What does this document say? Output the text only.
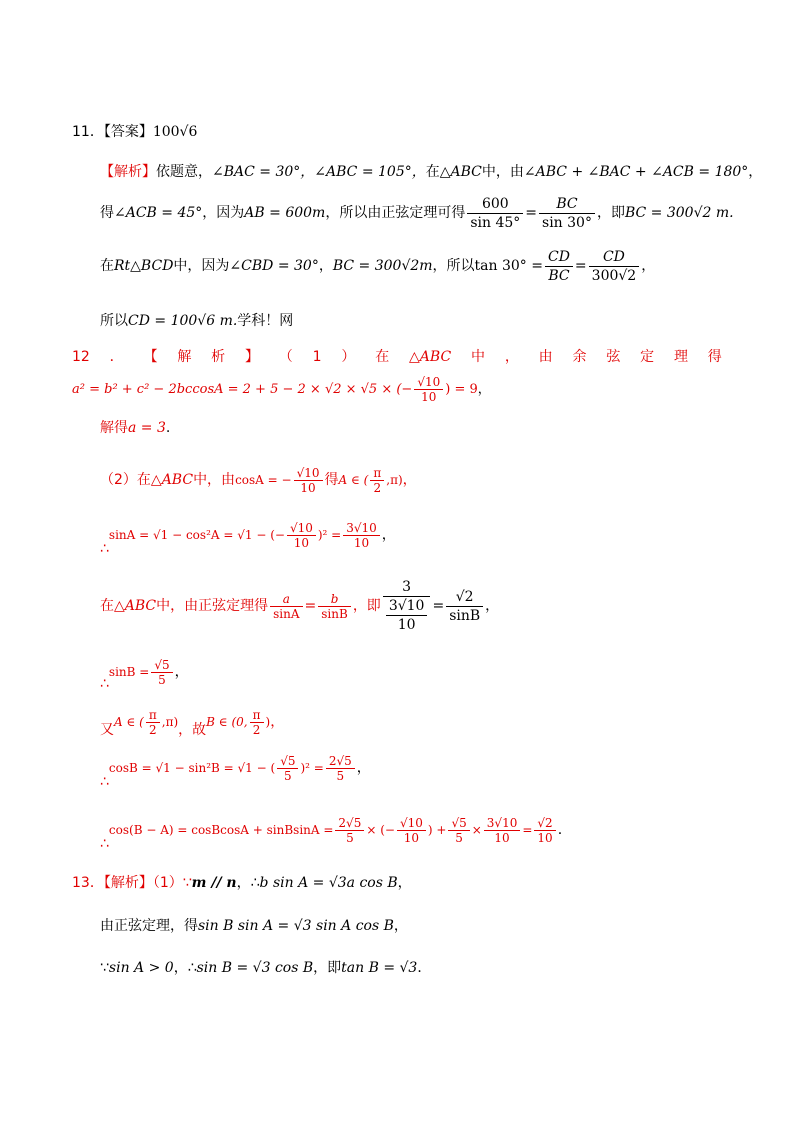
11．【答案】100√6
【解析】依题意，∠BAC = 30°，∠ABC = 105°，在△ABC中，由∠ABC + ∠BAC + ∠ACB = 180°，
得∠ACB = 45°，因为AB = 600m，所以由正弦定理可得 $\frac{600}{\sin 45^\circ} = \frac{BC}{\sin 30^\circ}$ ，即BC = 300√2 m.
在Rt△BCD中，因为∠CBD = 30°，BC = 300√2m，所以$\tan 30^\circ = \frac{CD}{BC} = \frac{CD}{300√2}$ ，
所以CD = 100√6 m.学科！网
12 ． 【 解 析 】 （ 1 ） 在 △ABC 中 ， 由 余 弦 定 理 得
a² = b² + c² − 2bccosA = 2 + 5 − 2 × √2 × √5 × (− $\frac{√10}{10}$ ) = 9，
解得a = 3.
（2）在△ABC中，由cosA = − $\frac{√10}{10}$ 得A ∈ ( $\frac{\pi}{2} ,\pi$)，
∴sinA = √1 − cos²A = √1 − (− $\frac{√10}{10} )^2 = \frac{3√10}{10}$ ，
在△ABC中，由正弦定理得 $\frac{a}{\sin A} = \frac{b}{\sin B}$ ，即 $\frac{3}{\frac{3√10}{10}} = \frac{√2}{\sin B}$ ，
∴sinB = $\frac{√5}{5}$ ，
又A ∈ ( $\frac{\pi}{2} ,\pi$)，故B ∈ (0, $\frac{\pi}{2}$ )，
∴cosB = √1 − sin²B = √1 − ( $\frac{√5}{5} )^2 = \frac{2√5}{5}$ ，
∴cos(B − A) = cosBcosA + sinBsinA = $\frac{2√5}{5}$ × (− $\frac{√10}{10}$ ) + $\frac{√5}{5} \times \frac{3√10}{10} = \frac{√2}{10}$ .
13．【解析】（1）∵m // n，∴b sin A = √3a cos B，
由正弦定理，得sin B sin A = √3 sin A cos B，
∵sin A > 0，∴sin B = √3 cos B，即tan B = √3．
